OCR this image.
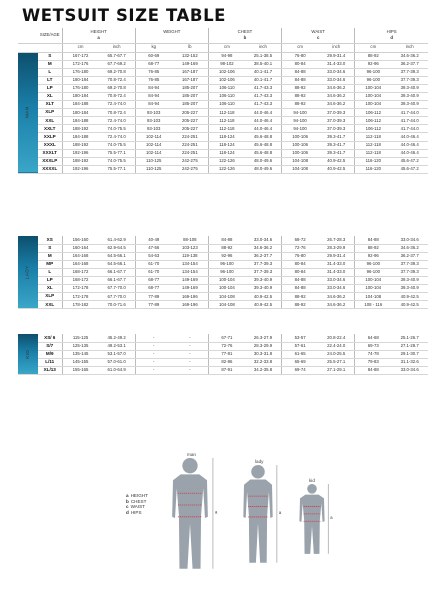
WETSUIT SIZE TABLE
	SIZE/AGE	HEIGHT
a		WEIGHT		CHEST
b		WAIST
c		HIPS
d	

		cm	inch	kg	lb	cm	inch	cm	inch	cm	inch
MAN	S	167-172	65.7-67.7	60-69	132-152	94-98	25.1-38.5	76-80	29.9-31.4	88-92	34.6-36.2
	M	172-176	67.7-69.2	68-77	149-169	98-102	38.5-40.1	80-84	31.4-33.0	92-96	36.2-37.7
	L	176-180	69.2-70.8	76-85	167-187	102-106	40.1-41.7	84-88	33.0-34.6	96-100	37.7-39.3
	LT	180-184	70.8-72.4	76-85	167-187	102-106	40.1-41.7	84-88	33.0-34.6	96-100	37.7-39.3
	LP	176-180	69.2-70.8	84-94	185-207	106-110	41.7-43.3	88-92	34.6-36.2	100-104	39.3-40.9
	XL	180-184	70.8-72.4	84-94	185-207	106-110	41.7-43.3	88-92	34.6-36.2	100-104	39.3-40.9
	XLT	184-188	72.4-74.0	84-94	185-207	106-110	41.7-43.3	88-92	34.6-36.2	100-104	39.3-40.9
	XLP	180-184	70.8-72.4	93-103	205-227	112-118	44.0-46.4	94-100	37.0-39.3	106-112	41.7-44.0
	XXL	184-188	72.4-74.0	93-103	205-227	112-118	44.0-46.4	94-100	37.0-39.3	106-112	41.7-44.0
	XXLT	188-192	74.0-75.5	93-103	205-227	112-118	44.0-46.4	94-100	37.0-39.3	106-112	41.7-44.0
	XXLP	184-188	72.4-74.0	102-114	224-251	118-124	45.6-48.8	100-106	39.3-41.7	112-118	44.0-46.4
	XXXL	188-192	74.0-75.5	102-114	224-251	118-124	45.6-48.8	100-106	39.3-41.7	112-118	44.0-46.4
	XXXLT	192-196	75.5-77.1	102-114	224-251	118-124	45.6-48.8	100-106	39.3-41.7	112-118	44.0-46.4
	XXXLP	188-192	74.0-75.5	110-125	242-275	122-126	48.0-49.6	104-108	40.9-42.5	116-120	45.6-47.2
	XXXXL	192-196	75.5-77.1	110-125	242-275	122-126	48.0-49.6	104-108	40.9-42.5	116-120	45.6-47.2
LADY	XS	156-160	61.4-62.9	40-49	88-108	84-88	33.0-34.6	68-72	26.7-28.3	84-88	33.0-34.6
	S	160-164	62.9-64.5	47-56	103-123	88-92	34.6-36.2	72-76	28.3-29.9	88-92	34.6-36.2
	M	164-168	64.5-66.1	54-63	119-138	92-96	36.2-37.7	76-80	29.9-31.4	92-96	36.2-37.7
	MP	164-168	64.5-66.1	61-70	134-154	96-100	37.7-39.3	80-84	31.4-33.0	96-100	37.7-39.3
	L	168-172	66.1-67.7	61-70	134-154	96-100	37.7-39.3	80-84	31.4-33.0	96-100	37.7-39.3
	LP	168-172	66.1-67.7	68-77	149-169	100-104	39.3-40.9	84-88	33.0-34.6	100-104	39.3-40.9
	XL	172-178	67.7-70.0	68-77	149-169	100-104	39.3-40.9	84-88	33.0-34.6	100-104	39.3-40.9
	XLP	172-178	67.7-70.0	77-89	169-196	104-108	40.9-42.5	88-92	34.6-36.2	104-108	40.9-42.5
	XXL	178-182	70.0-71.6	77-89	169-196	104-108	40.9-42.5	88-92	34.6-36.2	108 - 116	40.9-42.5
KID	XS/ 6	115-125	45.2-49.2	-	-	67-71	26.3-27.9	53-57	20.8-22.4	64-68	25.1-26.7
	S/7	125-135	49.2-53.1	-	-	72-76	28.3-29.9	57-61	22.4-24.0	69-73	27.1-28.7
	M/9	135-145	53.1-57.0	-	-	77-81	30.3-31.8	61-65	24.0-25.5	74-78	29.1-30.7
	L/11	145-155	57.0-61.0	-	-	82-86	32.2-33.8	65-69	25.5-27.1	79-83	31.1-32.6
	XL/13	155-165	61.0-64.9	-	-	87-91	34.2-35.8	69-74	27.1-29.1	84-88	33.0-34.6
man
a
lady
a
kid
a
a HEIGHT
b CHEST
c WAIST
d HIPS
